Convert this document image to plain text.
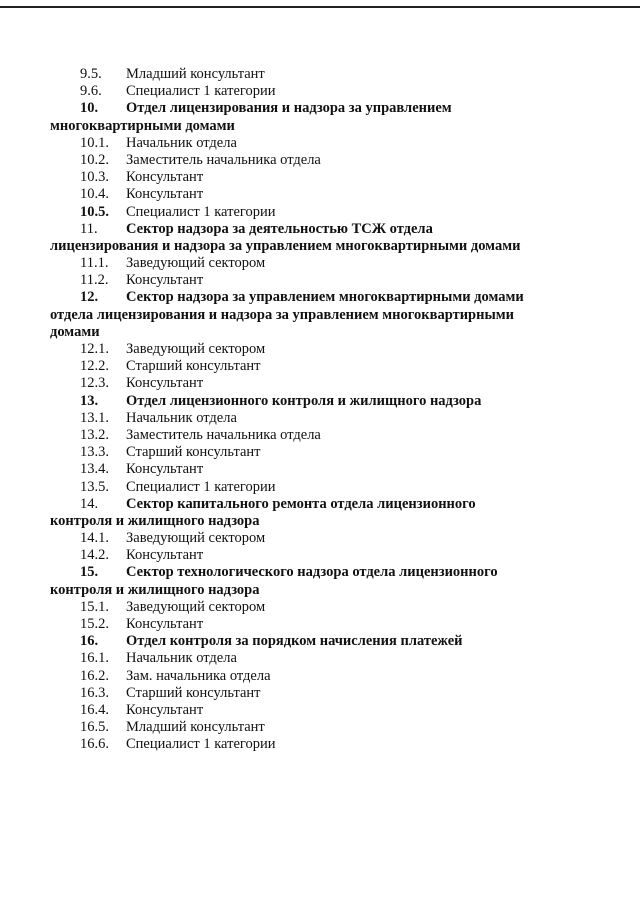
9.5. Младший консультант
9.6. Специалист 1 категории
10. Отдел лицензирования и надзора за управлением
многоквартирными домами
10.1. Начальник отдела
10.2. Заместитель начальника отдела
10.3. Консультант
10.4. Консультант
10.5. Специалист 1 категории
11. Сектор надзора за деятельностью ТСЖ отдела
лицензирования и надзора за управлением многоквартирными домами
11.1. Заведующий сектором
11.2. Консультант
12. Сектор надзора за управлением многоквартирными домами
отдела лицензирования и надзора за управлением многоквартирными
домами
12.1. Заведующий сектором
12.2. Старший консультант
12.3. Консультант
13. Отдел лицензионного контроля и жилищного надзора
13.1. Начальник отдела
13.2. Заместитель начальника отдела
13.3. Старший консультант
13.4. Консультант
13.5. Специалист 1 категории
14. Сектор капитального ремонта отдела лицензионного
контроля и жилищного надзора
14.1. Заведующий сектором
14.2. Консультант
15. Сектор технологического надзора отдела лицензионного
контроля и жилищного надзора
15.1. Заведующий сектором
15.2. Консультант
16. Отдел контроля за порядком начисления платежей
16.1. Начальник отдела
16.2. Зам. начальника отдела
16.3. Старший консультант
16.4. Консультант
16.5. Младший консультант
16.6. Специалист 1 категории
